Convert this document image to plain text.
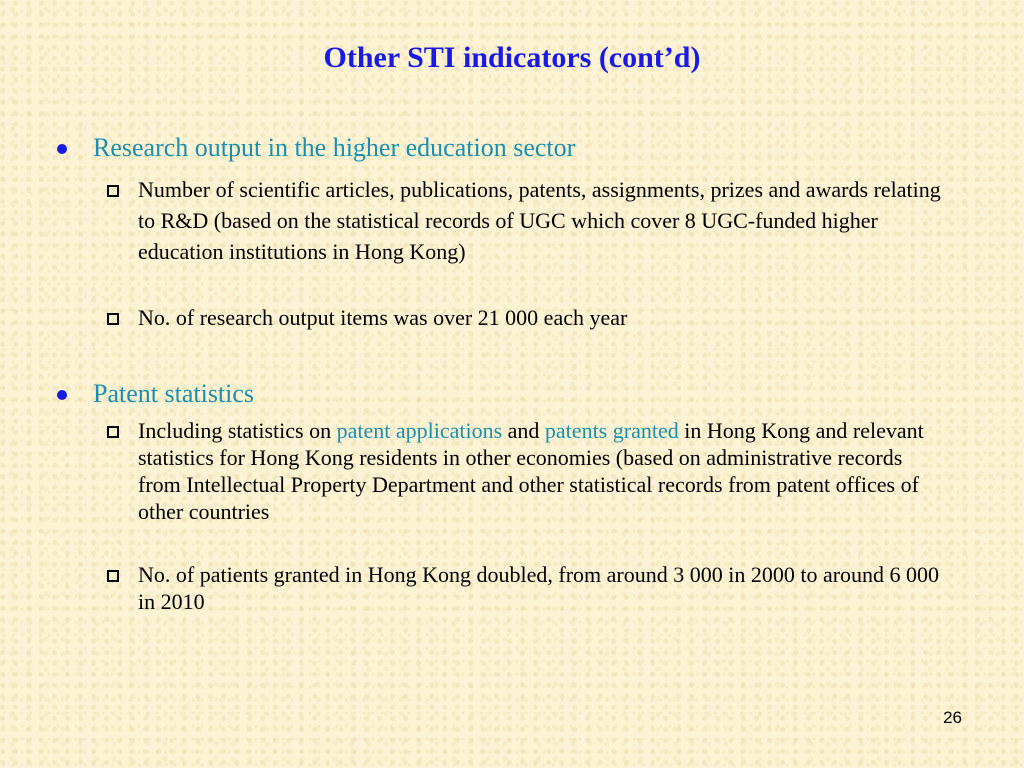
Other STI indicators (cont’d)
Research output in the higher education sector
Number of scientific articles, publications, patents, assignments, prizes and awards relating to R&D (based on the statistical records of UGC which cover 8 UGC-funded higher education institutions in Hong Kong)
No. of research output items was over 21 000 each year
Patent statistics
Including statistics on patent applications and patents granted in Hong Kong and relevant statistics for Hong Kong residents in other economies (based on administrative records from Intellectual Property Department and other statistical records from patent offices of other countries
No. of patients granted in Hong Kong doubled, from around 3 000 in 2000 to around 6 000 in 2010
26
